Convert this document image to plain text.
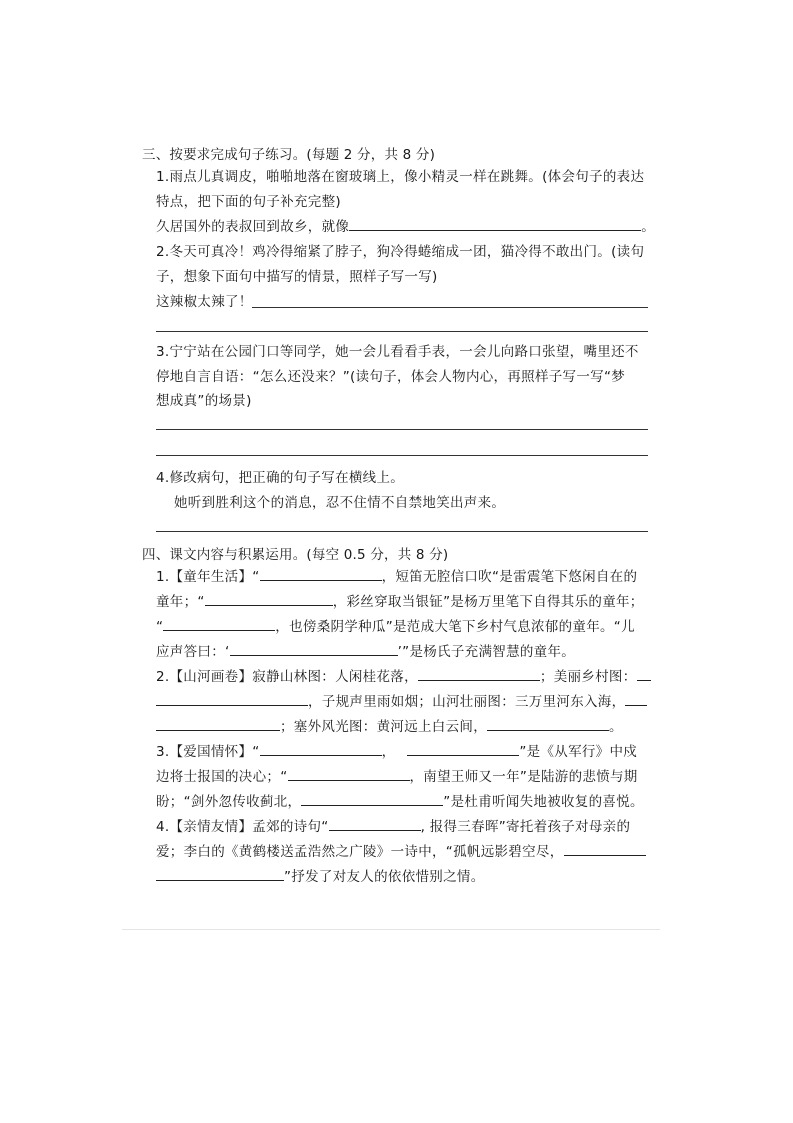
三、按要求完成句子练习。(每题 2 分，共 8 分)
1.雨点儿真调皮，啪啪地落在窗玻璃上，像小精灵一样在跳舞。(体会句子的表达
特点，把下面的句子补充完整)
久居国外的表叔回到故乡，就像	。
2.冬天可真冷！鸡冷得缩紧了脖子，狗冷得蜷缩成一团，猫冷得不敢出门。(读句
子，想象下面句中描写的情景，照样子写一写)
这辣椒太辣了！
3.宁宁站在公园门口等同学，她一会儿看看手表，一会儿向路口张望，嘴里还不
停地自言自语：“怎么还没来？”(读句子，体会人物内心，再照样子写一写“梦
想成真”的场景)
4.修改病句，把正确的句子写在横线上。
她听到胜利这个的消息，忍不住情不自禁地笑出声来。
四、课文内容与积累运用。(每空 0.5 分，共 8 分)
1.【童年生活】“	，短笛无腔信口吹“是雷震笔下悠闲自在的
童年；“	，彩丝穿取当银钲”是杨万里笔下自得其乐的童年；
“	，也傍桑阴学种瓜”是范成大笔下乡村气息浓郁的童年。“儿
应声答曰：‘	’”是杨氏子充满智慧的童年。
2.【山河画卷】寂静山林图：人闲桂花落，	；美丽乡村图：
，子规声里雨如烟；山河壮丽图：三万里河东入海，
；塞外风光图：黄河远上白云间，	。
3.【爱国情怀】“	，	”是《从军行》中戍
边将士报国的决心；“	，南望王师又一年”是陆游的悲愤与期
盼；“剑外忽传收蓟北，	”是杜甫听闻失地被收复的喜悦。
4.【亲情友情】孟郊的诗句“	, 报得三春晖”寄托着孩子对母亲的
爱；李白的《黄鹤楼送孟浩然之广陵》一诗中，“孤帆远影碧空尽，
”抒发了对友人的依依惜别之情。
